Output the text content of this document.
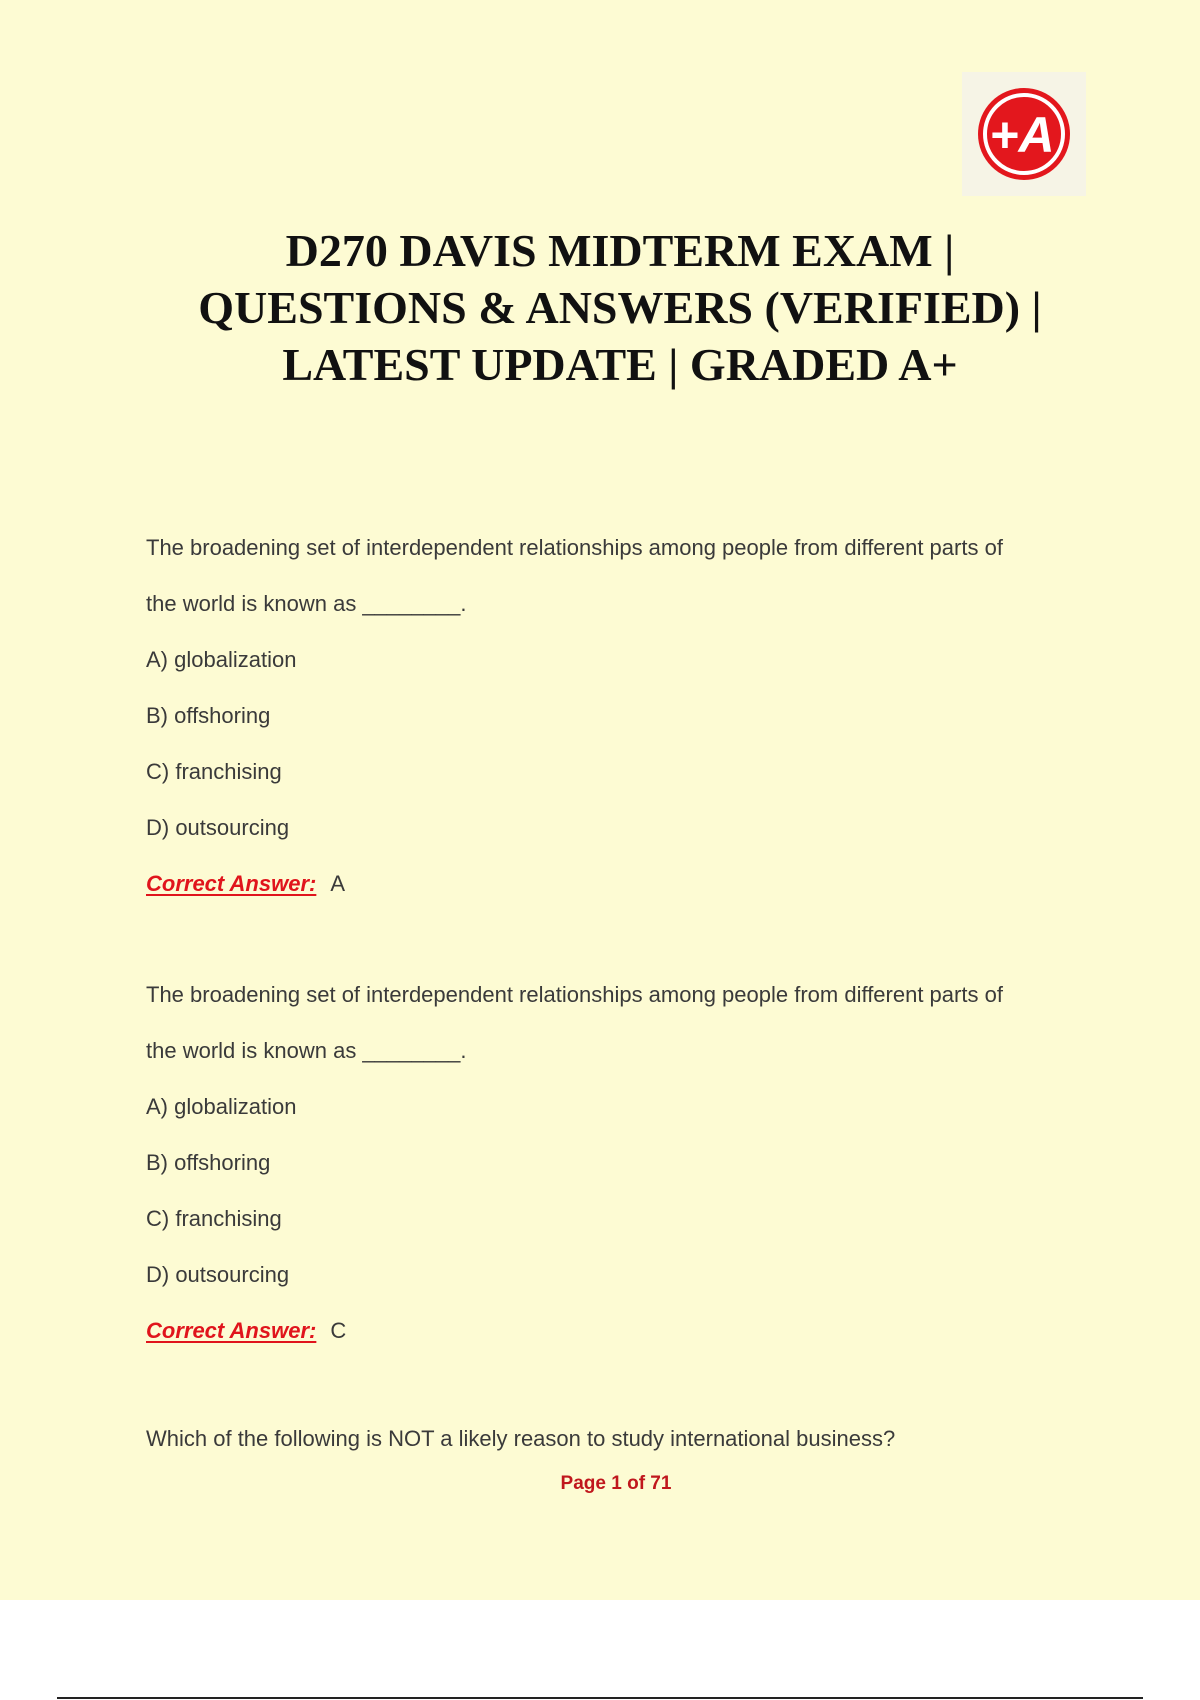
+A
D270 DAVIS MIDTERM EXAM |
QUESTIONS & ANSWERS (VERIFIED) |
LATEST UPDATE | GRADED A+
The broadening set of interdependent relationships among people from different parts of
the world is known as ________.
A) globalization
B) offshoring
C) franchising
D) outsourcing
Correct Answer: A
The broadening set of interdependent relationships among people from different parts of
the world is known as ________.
A) globalization
B) offshoring
C) franchising
D) outsourcing
Correct Answer: C
Which of the following is NOT a likely reason to study international business?
Page 1 of 71
